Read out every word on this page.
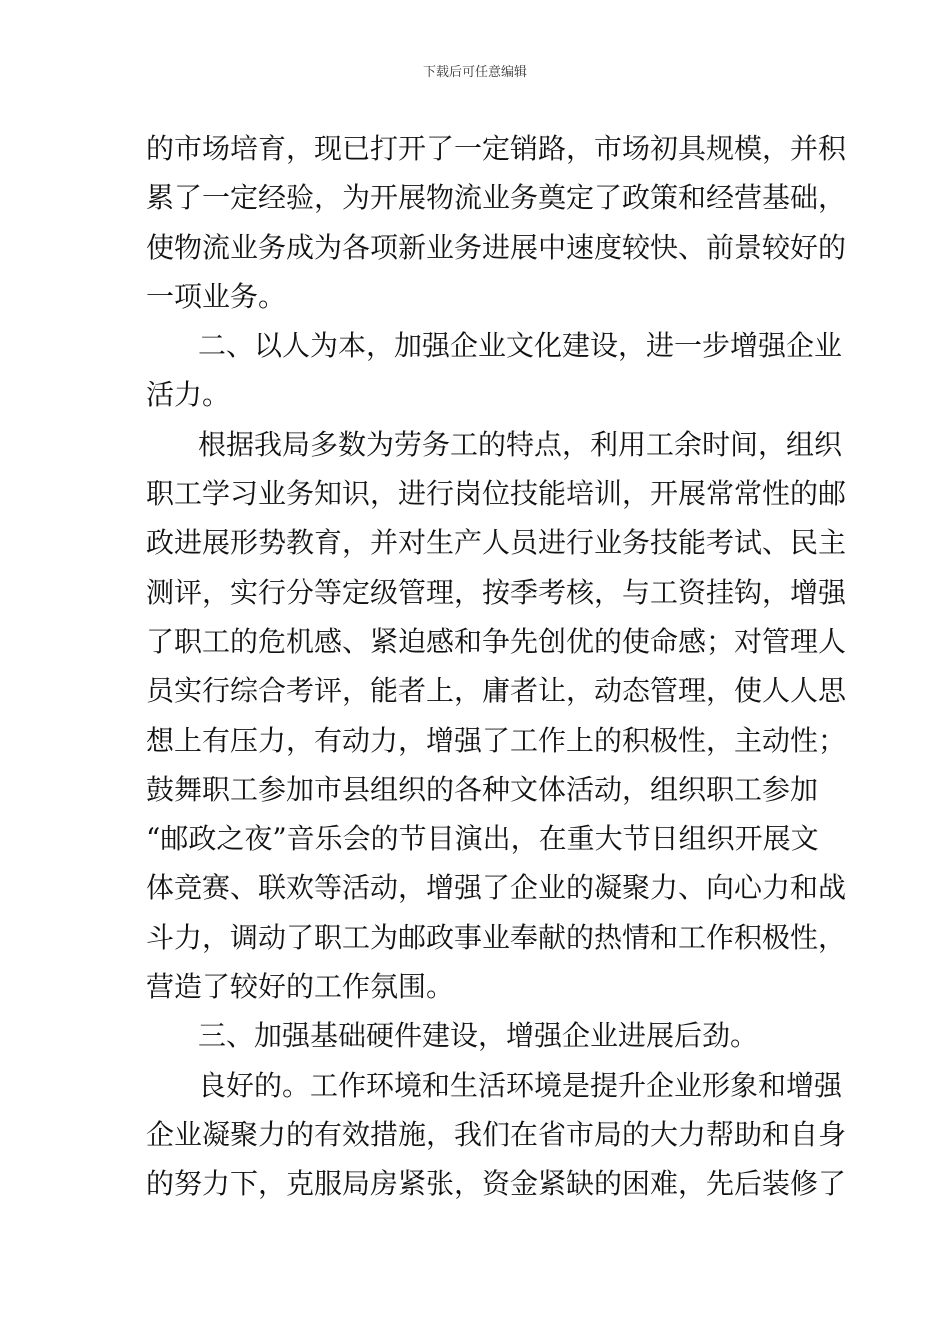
下载后可任意编辑
的市场培育，现已打开了一定销路，市场初具规模，并积
累了一定经验，为开展物流业务奠定了政策和经营基础，
使物流业务成为各项新业务进展中速度较快、前景较好的
一项业务。
二、以人为本，加强企业文化建设，进一步增强企业
活力。
根据我局多数为劳务工的特点，利用工余时间，组织
职工学习业务知识，进行岗位技能培训，开展常常性的邮
政进展形势教育，并对生产人员进行业务技能考试、民主
测评，实行分等定级管理，按季考核，与工资挂钩，增强
了职工的危机感、紧迫感和争先创优的使命感；对管理人
员实行综合考评，能者上，庸者让，动态管理，使人人思
想上有压力，有动力，增强了工作上的积极性，主动性；
鼓舞职工参加市县组织的各种文体活动，组织职工参加
“邮政之夜”音乐会的节目演出，在重大节日组织开展文
体竞赛、联欢等活动，增强了企业的凝聚力、向心力和战
斗力，调动了职工为邮政事业奉献的热情和工作积极性，
营造了较好的工作氛围。
三、加强基础硬件建设，增强企业进展后劲。
良好的。工作环境和生活环境是提升企业形象和增强
企业凝聚力的有效措施，我们在省市局的大力帮助和自身
的努力下，克服局房紧张，资金紧缺的困难，先后装修了
